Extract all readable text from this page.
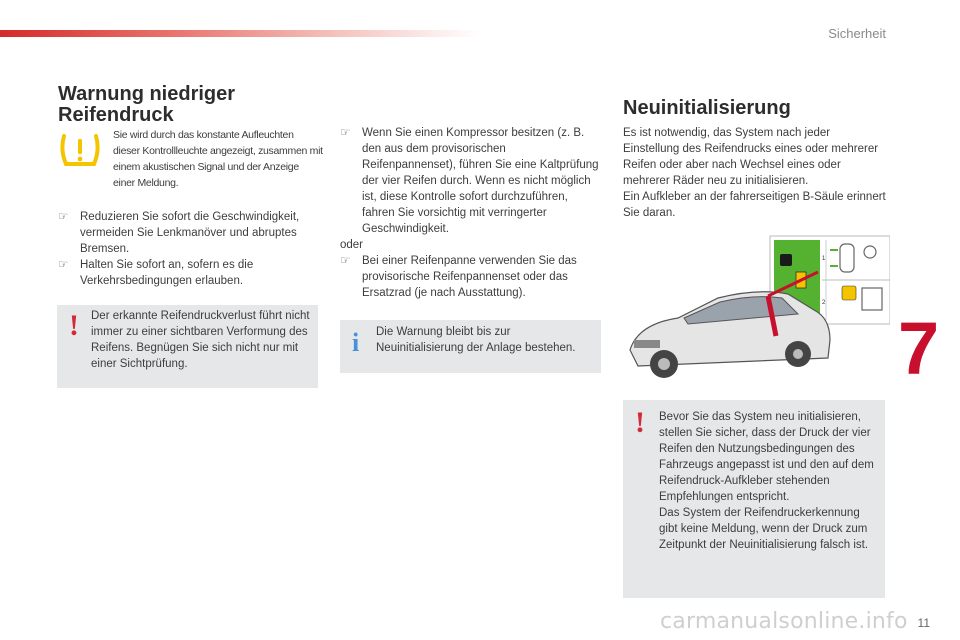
Sicherheit
Warnung niedriger
Reifendruck
Sie wird durch das konstante Aufleuchten dieser Kontrollleuchte angezeigt, zusammen mit einem akustischen Signal und der Anzeige einer Meldung.
☞	Reduzieren Sie sofort die Geschwindigkeit, vermeiden Sie Lenkmanöver und abruptes Bremsen.
☞	Halten Sie sofort an, sofern es die Verkehrsbedingungen erlauben.
! Der erkannte Reifendruckverlust führt nicht immer zu einer sichtbaren Verformung des Reifens. Begnügen Sie sich nicht nur mit einer Sichtprüfung.
☞	Wenn Sie einen Kompressor besitzen (z. B. den aus dem provisorischen Reifenpannenset), führen Sie eine Kaltprüfung der vier Reifen durch. Wenn es nicht möglich ist, diese Kontrolle sofort durchzuführen, fahren Sie vorsichtig mit verringerter Geschwindigkeit.
oder
☞	Bei einer Reifenpanne verwenden Sie das provisorische Reifenpannenset oder das Ersatzrad (je nach Ausstattung).
i Die Warnung bleibt bis zur Neuinitialisierung der Anlage bestehen.
Neuinitialisierung
Es ist notwendig, das System nach jeder Einstellung des Reifendrucks eines oder mehrerer Reifen oder aber nach Wechsel eines oder mehrerer Räder neu zu initialisieren.
Ein Aufkleber an der fahrerseitigen B-Säule erinnert Sie daran.
1
2
! Bevor Sie das System neu initialisieren, stellen Sie sicher, dass der Druck der vier Reifen den Nutzungsbedingungen des Fahrzeugs angepasst ist und den auf dem Reifendruck-Aufkleber stehenden Empfehlungen entspricht.
Das System der Reifendruckerkennung gibt keine Meldung, wenn der Druck zum Zeitpunkt der Neuinitialisierung falsch ist.
7
carmanualsonline.info 11
